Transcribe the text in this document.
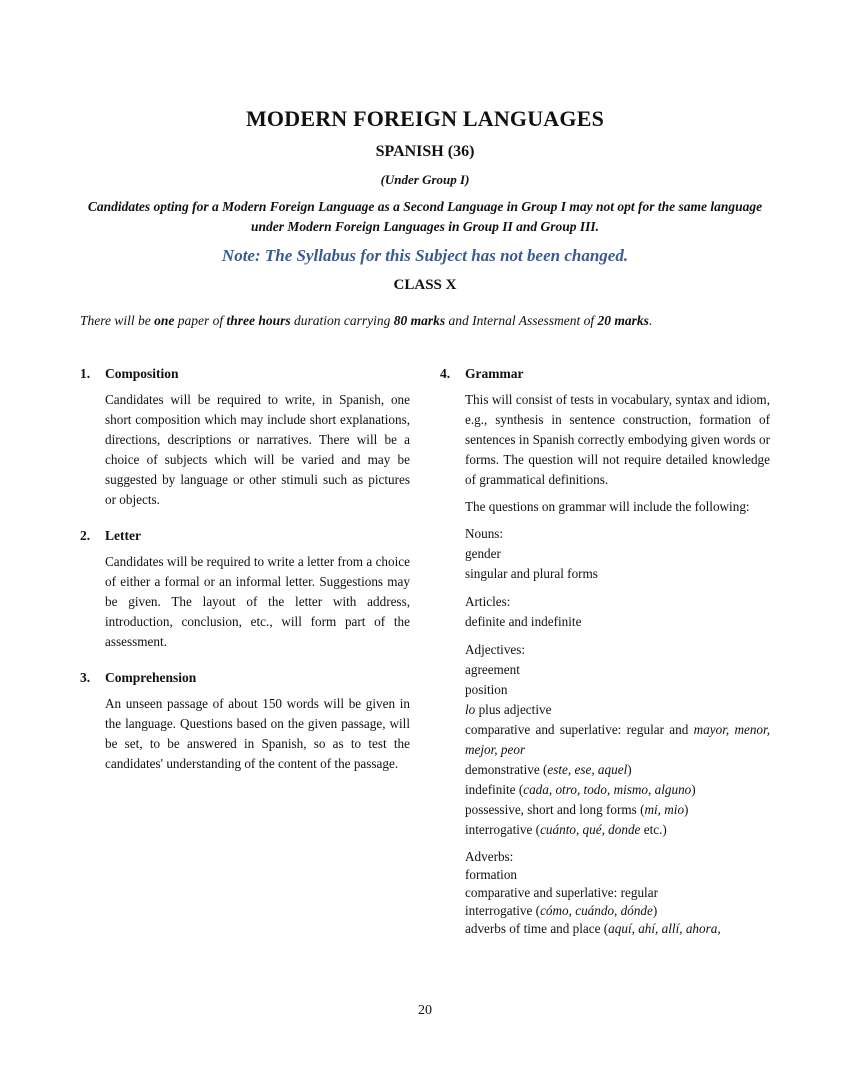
MODERN FOREIGN LANGUAGES
SPANISH (36)
(Under Group I)
Candidates opting for a Modern Foreign Language as a Second Language in Group I may not opt for the same language under Modern Foreign Languages in Group II and Group III.
Note: The Syllabus for this Subject has not been changed.
CLASS X
There will be one paper of three hours duration carrying 80 marks and Internal Assessment of 20 marks.
1.	Composition
Candidates will be required to write, in Spanish, one short composition which may include short explanations, directions, descriptions or narratives. There will be a choice of subjects which will be varied and may be suggested by language or other stimuli such as pictures or objects.
2.	Letter
Candidates will be required to write a letter from a choice of either a formal or an informal letter. Suggestions may be given. The layout of the letter with address, introduction, conclusion, etc., will form part of the assessment.
3.	Comprehension
An unseen passage of about 150 words will be given in the language. Questions based on the given passage, will be set, to be answered in Spanish, so as to test the candidates' understanding of the content of the passage.
4.	Grammar
This will consist of tests in vocabulary, syntax and idiom, e.g., synthesis in sentence construction, formation of sentences in Spanish correctly embodying given words or forms. The question will not require detailed knowledge of grammatical definitions.
The questions on grammar will include the following:
Nouns:
gender
singular and plural forms
Articles:
definite and indefinite
Adjectives:
agreement
position
lo plus adjective
comparative and superlative: regular and mayor, menor, mejor, peor
demonstrative (este, ese, aquel)
indefinite (cada, otro, todo, mismo, alguno)
possessive, short and long forms (mi, mio)
interrogative (cuánto, qué, donde etc.)
Adverbs:
formation
comparative and superlative: regular
interrogative (cómo, cuándo, dónde)
adverbs of time and place (aquí, ahí, allí, ahora,
20
